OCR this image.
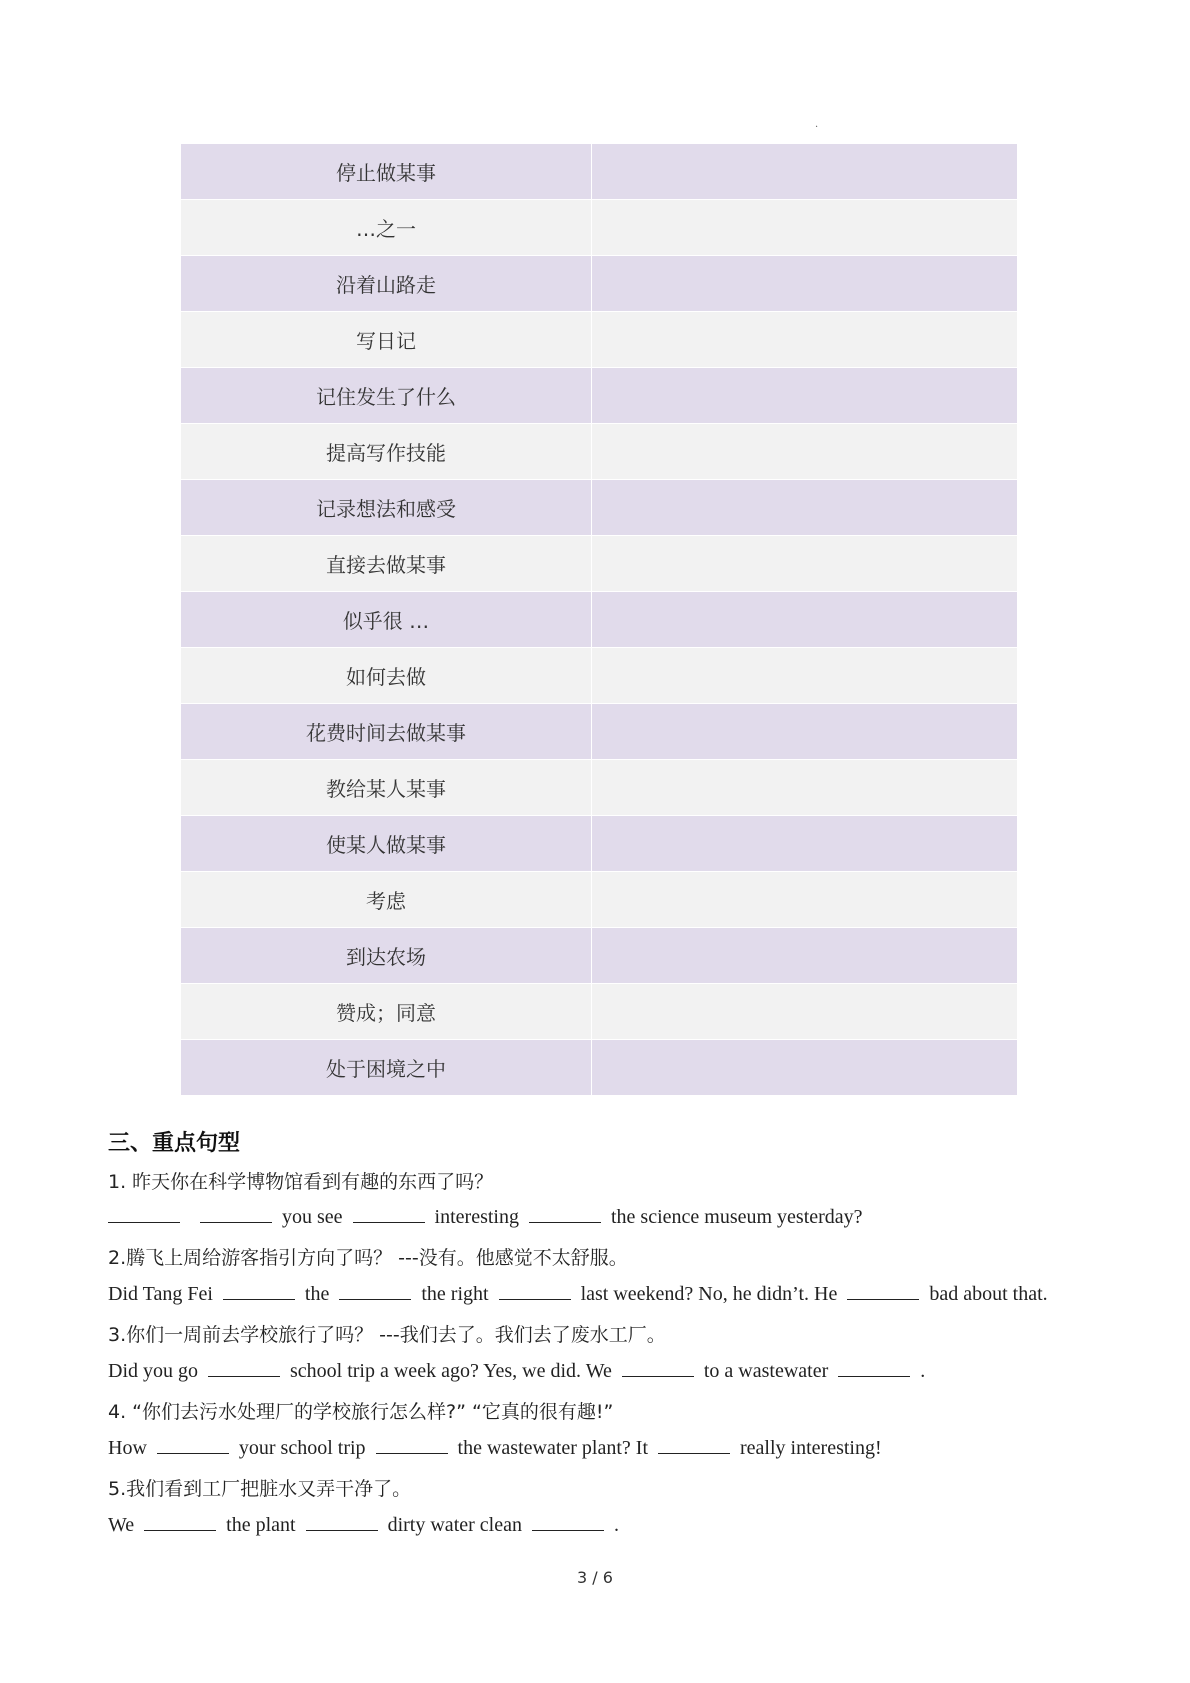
·
停止做某事	
…之一	
沿着山路走	
写日记	
记住发生了什么	
提高写作技能	
记录想法和感受	
直接去做某事	
似乎很 …	
如何去做	
花费时间去做某事	
教给某人某事	
使某人做某事	
考虑	
到达农场	
赞成；同意	
处于困境之中	
三、重点句型
1. 昨天你在科学博物馆看到有趣的东西了吗？
you see	interesting	the science museum yesterday?
2.腾飞上周给游客指引方向了吗？ ---没有。他感觉不太舒服。
Did Tang Fei	the	the right	last weekend? No, he didn’t. He	bad about that.
3.你们一周前去学校旅行了吗？ ---我们去了。我们去了废水工厂。
Did you go	school trip a week ago? Yes, we did. We	to a wastewater	.
4. “你们去污水处理厂的学校旅行怎么样?” “它真的很有趣!”
How	your school trip	the wastewater plant? It	really interesting!
5.我们看到工厂把脏水又弄干净了。
We	the plant	dirty water clean	.
3 / 6
